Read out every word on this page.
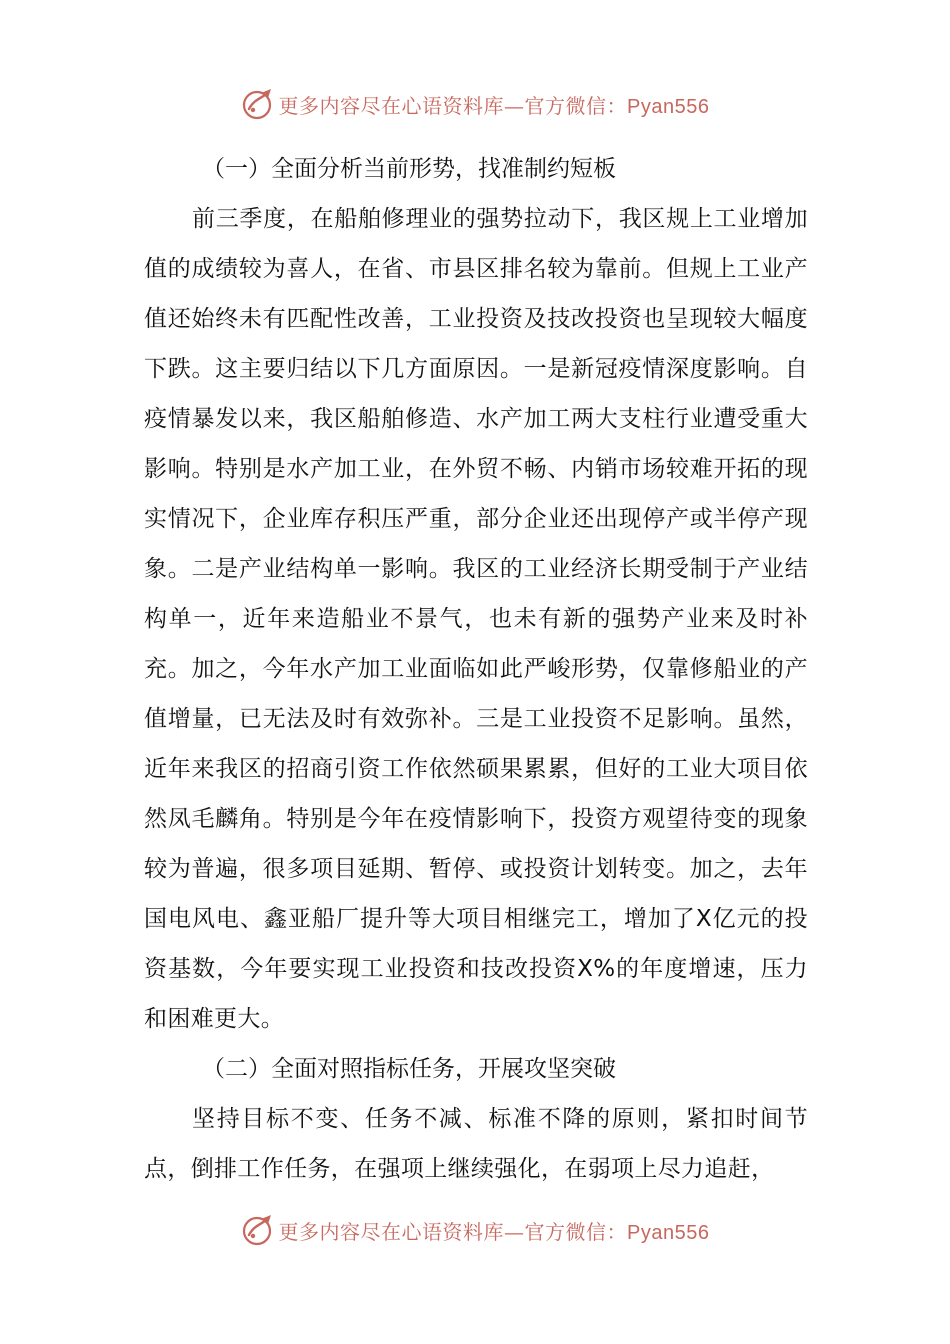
更多内容尽在心语资料库—官方微信：Pyan556
（一）全面分析当前形势，找准制约短板

前三季度，在船舶修理业的强势拉动下，我区规上工业增加值的成绩较为喜人，在省、市县区排名较为靠前。但规上工业产值还始终未有匹配性改善，工业投资及技改投资也呈现较大幅度下跌。这主要归结以下几方面原因。一是新冠疫情深度影响。自疫情暴发以来，我区船舶修造、水产加工两大支柱行业遭受重大影响。特别是水产加工业，在外贸不畅、内销市场较难开拓的现实情况下，企业库存积压严重，部分企业还出现停产或半停产现象。二是产业结构单一影响。我区的工业经济长期受制于产业结构单一，近年来造船业不景气，也未有新的强势产业来及时补充。加之，今年水产加工业面临如此严峻形势，仅靠修船业的产值增量，已无法及时有效弥补。三是工业投资不足影响。虽然，近年来我区的招商引资工作依然硕果累累，但好的工业大项目依然凤毛麟角。特别是今年在疫情影响下，投资方观望待变的现象较为普遍，很多项目延期、暂停、或投资计划转变。加之，去年国电风电、鑫亚船厂提升等大项目相继完工，增加了X亿元的投资基数，今年要实现工业投资和技改投资X%的年度增速，压力和困难更大。

（二）全面对照指标任务，开展攻坚突破

坚持目标不变、任务不减、标准不降的原则，紧扣时间节点，倒排工作任务，在强项上继续强化，在弱项上尽力追赶，

更多内容尽在心语资料库—官方微信：Pyan556
